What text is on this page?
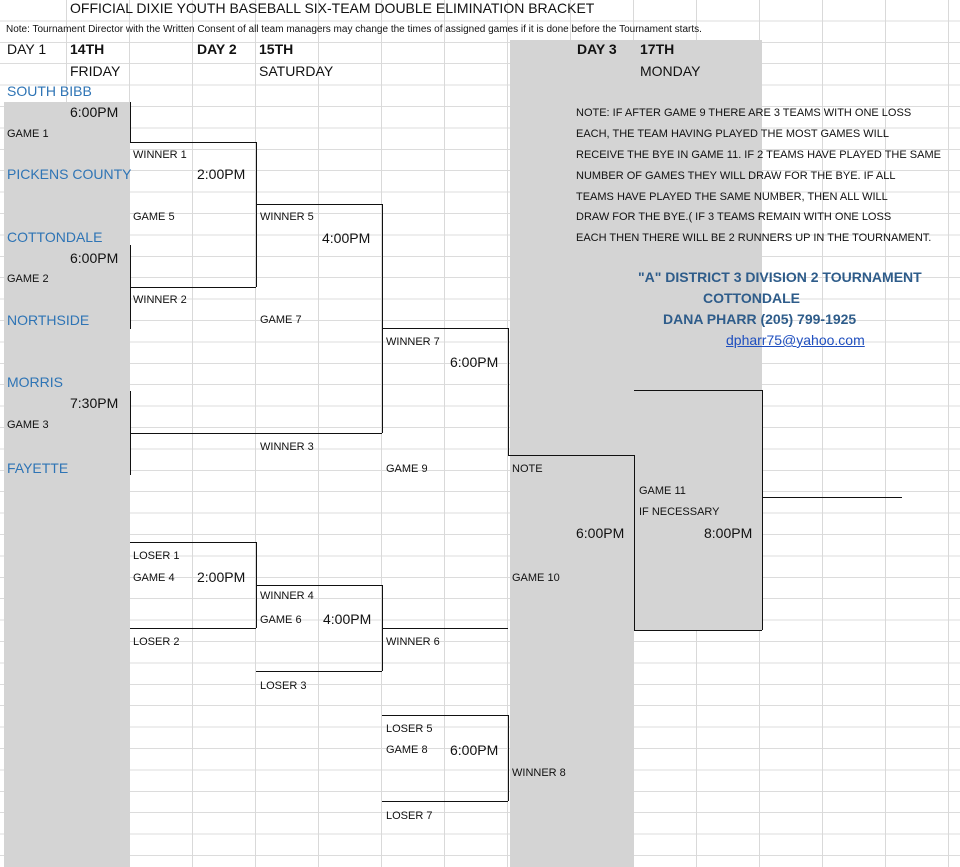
OFFICIAL DIXIE YOUTH BASEBALL SIX-TEAM DOUBLE ELIMINATION BRACKET
Note: Tournament Director with the Written Consent of all team managers may change the times of assigned games if it is done before the Tournament starts.
DAY 1 14TH
FRIDAY
DAY 2 15TH
SATURDAY
DAY 3 17TH
MONDAY
SOUTH BIBB
PICKENS COUNTY
COTTONDALE
NORTHSIDE
MORRIS
FAYETTE
6:00PM
GAME 1
6:00PM
GAME 2
7:30PM
GAME 3
WINNER 1
2:00PM
GAME 5
WINNER 2
WINNER 5
4:00PM
GAME 7
WINNER 3
WINNER 7
6:00PM
GAME 9
LOSER 1
GAME 4 2:00PM
LOSER 2
WINNER 4
GAME 6 4:00PM
LOSER 3
WINNER 6
LOSER 5
GAME 8 6:00PM
LOSER 7
NOTE
GAME 10
WINNER 8
6:00PM
GAME 11
IF NECESSARY
8:00PM
NOTE: IF AFTER GAME 9 THERE ARE 3 TEAMS WITH ONE LOSS
EACH, THE TEAM HAVING PLAYED THE MOST GAMES WILL
RECEIVE THE BYE IN GAME 11. IF 2 TEAMS HAVE PLAYED THE SAME
NUMBER OF GAMES THEY WILL DRAW FOR THE BYE. IF ALL
TEAMS HAVE PLAYED THE SAME NUMBER, THEN ALL WILL
DRAW FOR THE BYE.( IF 3 TEAMS REMAIN WITH ONE LOSS
EACH THEN THERE WILL BE 2 RUNNERS UP IN THE TOURNAMENT.
"A" DISTRICT 3 DIVISION 2 TOURNAMENT
COTTONDALE
DANA PHARR (205) 799-1925
dpharr75@yahoo.com
